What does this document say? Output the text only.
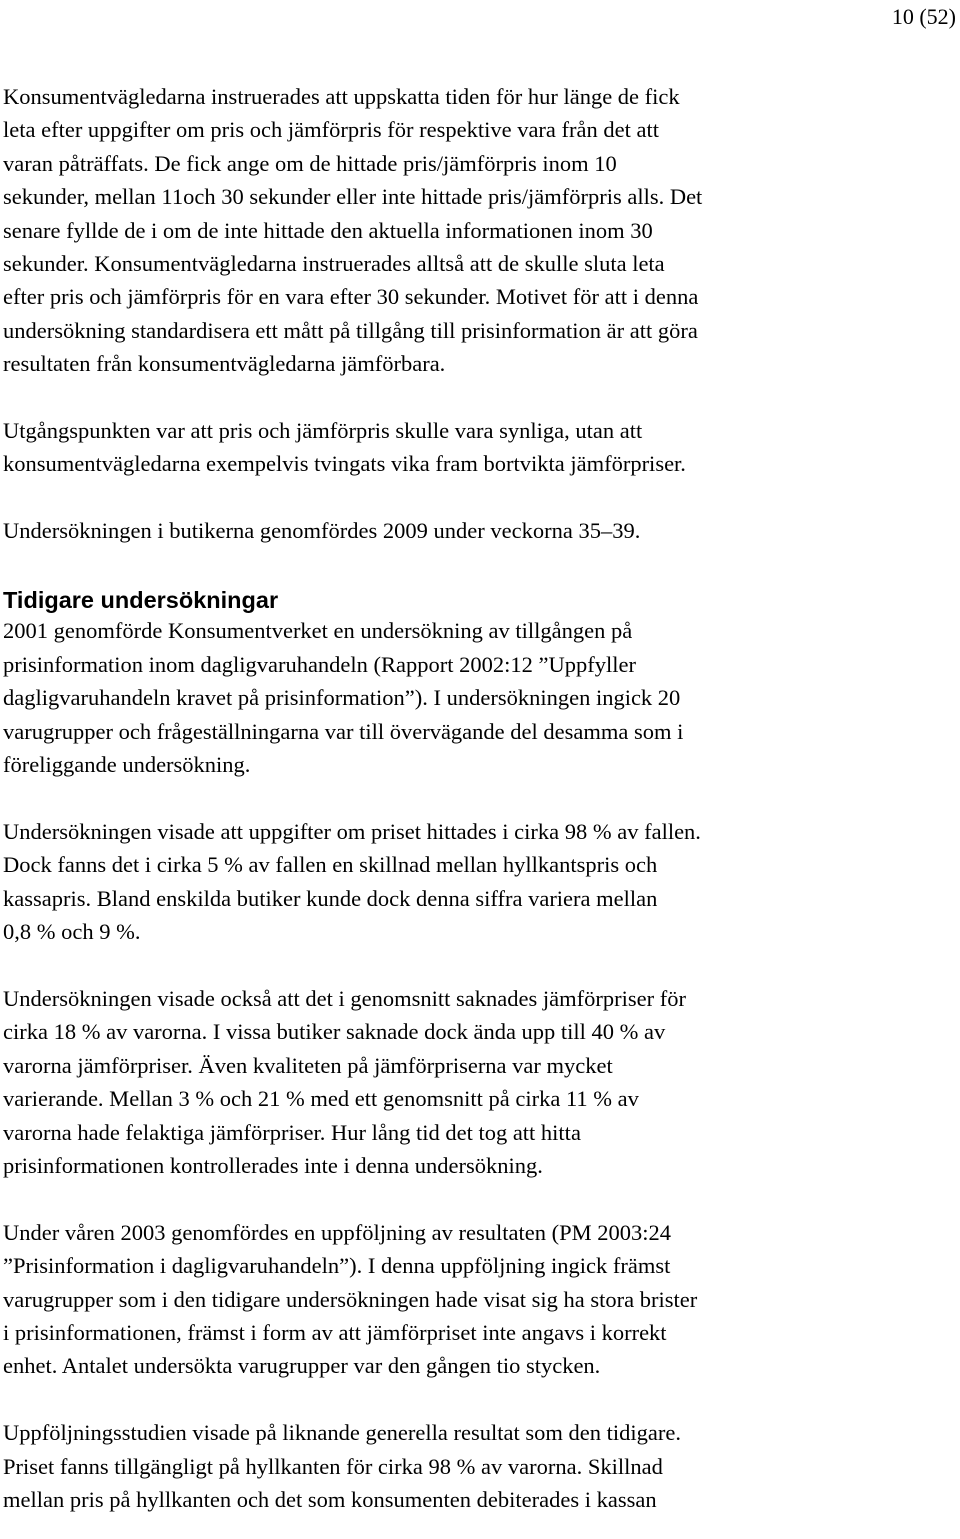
10 (52)

Konsumentvägledarna instruerades att uppskatta tiden för hur länge de fick
leta efter uppgifter om pris och jämförpris för respektive vara från det att
varan påträffats. De fick ange om de hittade pris/jämförpris inom 10
sekunder, mellan 11och 30 sekunder eller inte hittade pris/jämförpris alls. Det
senare fyllde de i om de inte hittade den aktuella informationen inom 30
sekunder. Konsumentvägledarna instruerades alltså att de skulle sluta leta
efter pris och jämförpris för en vara efter 30 sekunder. Motivet för att i denna
undersökning standardisera ett mått på tillgång till prisinformation är att göra
resultaten från konsumentvägledarna jämförbara.

Utgångspunkten var att pris och jämförpris skulle vara synliga, utan att
konsumentvägledarna exempelvis tvingats vika fram bortvikta jämförpriser.

Undersökningen i butikerna genomfördes 2009 under veckorna 35–39.

Tidigare undersökningar

2001 genomförde Konsumentverket en undersökning av tillgången på
prisinformation inom dagligvaruhandeln (Rapport 2002:12 ”Uppfyller
dagligvaruhandeln kravet på prisinformation”). I undersökningen ingick 20
varugrupper och frågeställningarna var till övervägande del desamma som i
föreliggande undersökning.

Undersökningen visade att uppgifter om priset hittades i cirka 98 % av fallen.
Dock fanns det i cirka 5 % av fallen en skillnad mellan hyllkantspris och
kassapris. Bland enskilda butiker kunde dock denna siffra variera mellan
0,8 % och 9 %.

Undersökningen visade också att det i genomsnitt saknades jämförpriser för
cirka 18 % av varorna. I vissa butiker saknade dock ända upp till 40 % av
varorna jämförpriser. Även kvaliteten på jämförpriserna var mycket
varierande. Mellan 3 % och 21 % med ett genomsnitt på cirka 11 % av
varorna hade felaktiga jämförpriser. Hur lång tid det tog att hitta
prisinformationen kontrollerades inte i denna undersökning.

Under våren 2003 genomfördes en uppföljning av resultaten (PM 2003:24
”Prisinformation i dagligvaruhandeln”). I denna uppföljning ingick främst
varugrupper som i den tidigare undersökningen hade visat sig ha stora brister
i prisinformationen, främst i form av att jämförpriset inte angavs i korrekt
enhet. Antalet undersökta varugrupper var den gången tio stycken.

Uppföljningsstudien visade på liknande generella resultat som den tidigare.
Priset fanns tillgängligt på hyllkanten för cirka 98 % av varorna. Skillnad
mellan pris på hyllkanten och det som konsumenten debiterades i kassan
